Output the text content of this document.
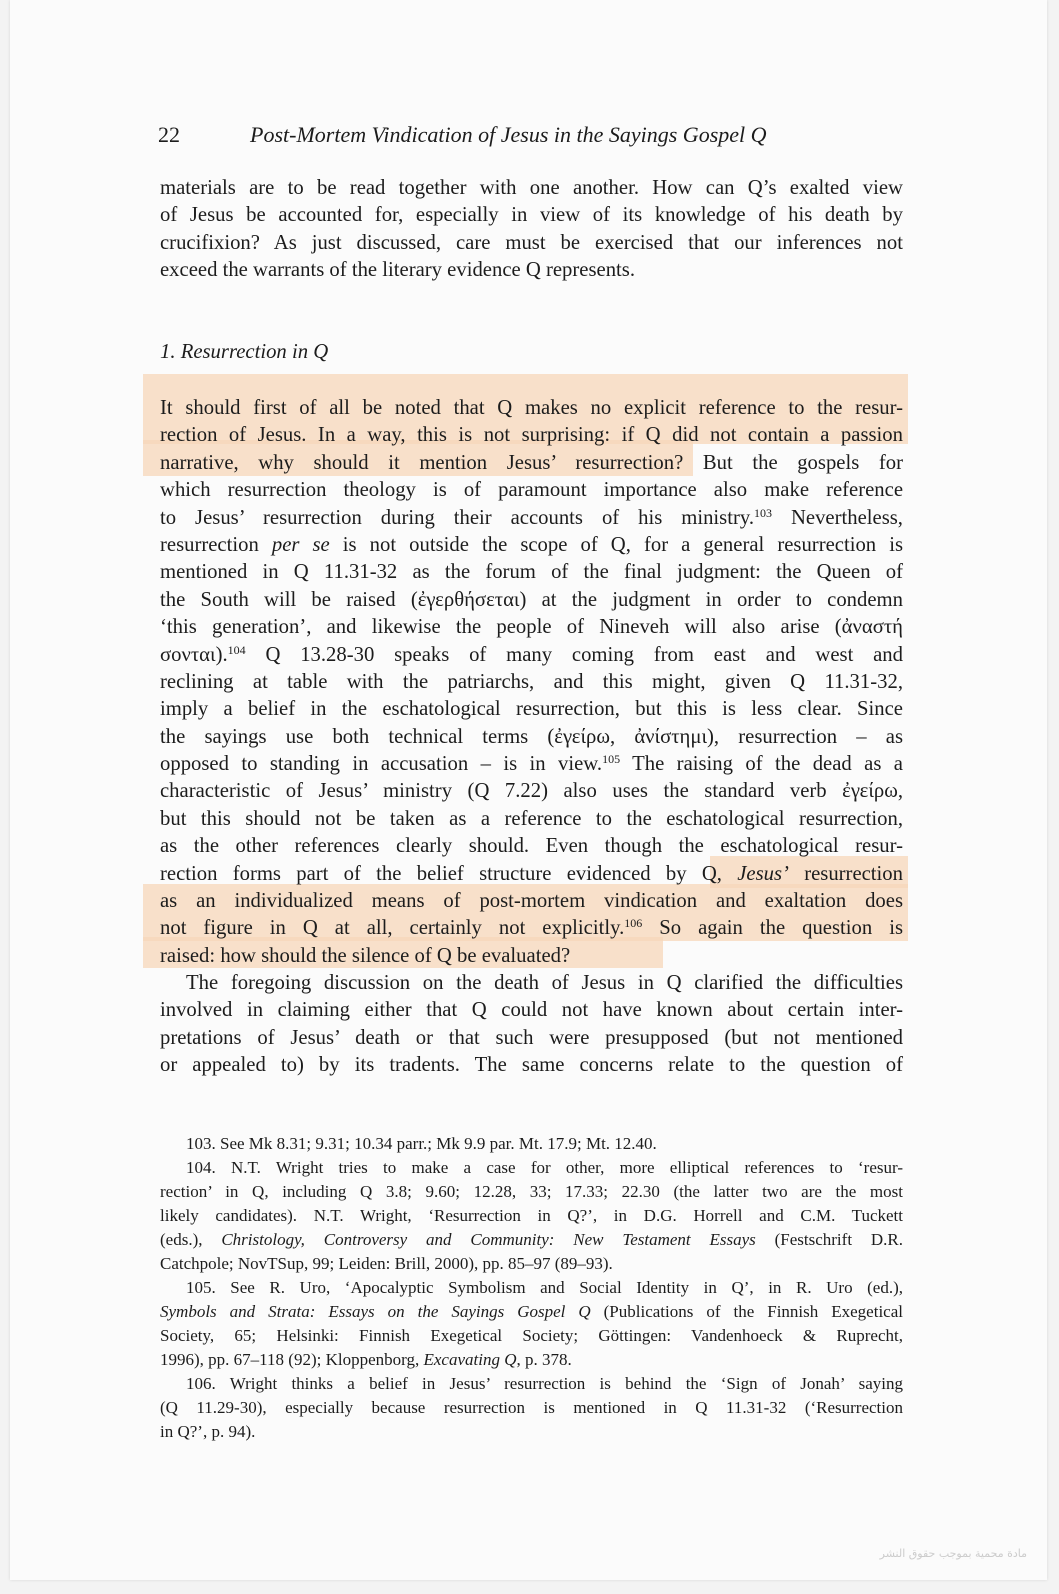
22	Post-Mortem Vindication of Jesus in the Sayings Gospel Q
materials are to be read together with one another. How can Q’s exalted view
of Jesus be accounted for, especially in view of its knowledge of his death by
crucifixion? As just discussed, care must be exercised that our inferences not
exceed the warrants of the literary evidence Q represents.
1. Resurrection in Q
It should first of all be noted that Q makes no explicit reference to the resur-
rection of Jesus. In a way, this is not surprising: if Q did not contain a passion
narrative, why should it mention Jesus’ resurrection? But the gospels for
which resurrection theology is of paramount importance also make reference
to Jesus’ resurrection during their accounts of his ministry.$^{103}$ Nevertheless,
resurrection per se is not outside the scope of Q, for a general resurrection is
mentioned in Q 11.31-32 as the forum of the final judgment: the Queen of
the South will be raised (ἐγερθήσεται) at the judgment in order to condemn
‘this generation’, and likewise the people of Nineveh will also arise (ἀναστή
σονται).$^{104}$ Q 13.28-30 speaks of many coming from east and west and
reclining at table with the patriarchs, and this might, given Q 11.31-32,
imply a belief in the eschatological resurrection, but this is less clear. Since
the sayings use both technical terms (ἐγείρω, ἀνίστημι), resurrection – as
opposed to standing in accusation – is in view.$^{105}$ The raising of the dead as a
characteristic of Jesus’ ministry (Q 7.22) also uses the standard verb ἐγείρω,
but this should not be taken as a reference to the eschatological resurrection,
as the other references clearly should. Even though the eschatological resur-
rection forms part of the belief structure evidenced by Q, Jesus’ resurrection
as an individualized means of post-mortem vindication and exaltation does
not figure in Q at all, certainly not explicitly.$^{106}$ So again the question is
raised: how should the silence of Q be evaluated?
The foregoing discussion on the death of Jesus in Q clarified the difficulties
involved in claiming either that Q could not have known about certain inter-
pretations of Jesus’ death or that such were presupposed (but not mentioned
or appealed to) by its tradents. The same concerns relate to the question of
103. See Mk 8.31; 9.31; 10.34 parr.; Mk 9.9 par. Mt. 17.9; Mt. 12.40.
104. N.T. Wright tries to make a case for other, more elliptical references to ‘resur-
rection’ in Q, including Q 3.8; 9.60; 12.28, 33; 17.33; 22.30 (the latter two are the most
likely candidates). N.T. Wright, ‘Resurrection in Q?’, in D.G. Horrell and C.M. Tuckett
(eds.), Christology, Controversy and Community: New Testament Essays (Festschrift D.R.
Catchpole; NovTSup, 99; Leiden: Brill, 2000), pp. 85–97 (89–93).
105. See R. Uro, ‘Apocalyptic Symbolism and Social Identity in Q’, in R. Uro (ed.),
Symbols and Strata: Essays on the Sayings Gospel Q (Publications of the Finnish Exegetical
Society, 65; Helsinki: Finnish Exegetical Society; Göttingen: Vandenhoeck & Ruprecht,
1996), pp. 67–118 (92); Kloppenborg, Excavating Q, p. 378.
106. Wright thinks a belief in Jesus’ resurrection is behind the ‘Sign of Jonah’ saying
(Q 11.29-30), especially because resurrection is mentioned in Q 11.31-32 (‘Resurrection
in Q?’, p. 94).
مادة محمية بموجب حقوق النشر
